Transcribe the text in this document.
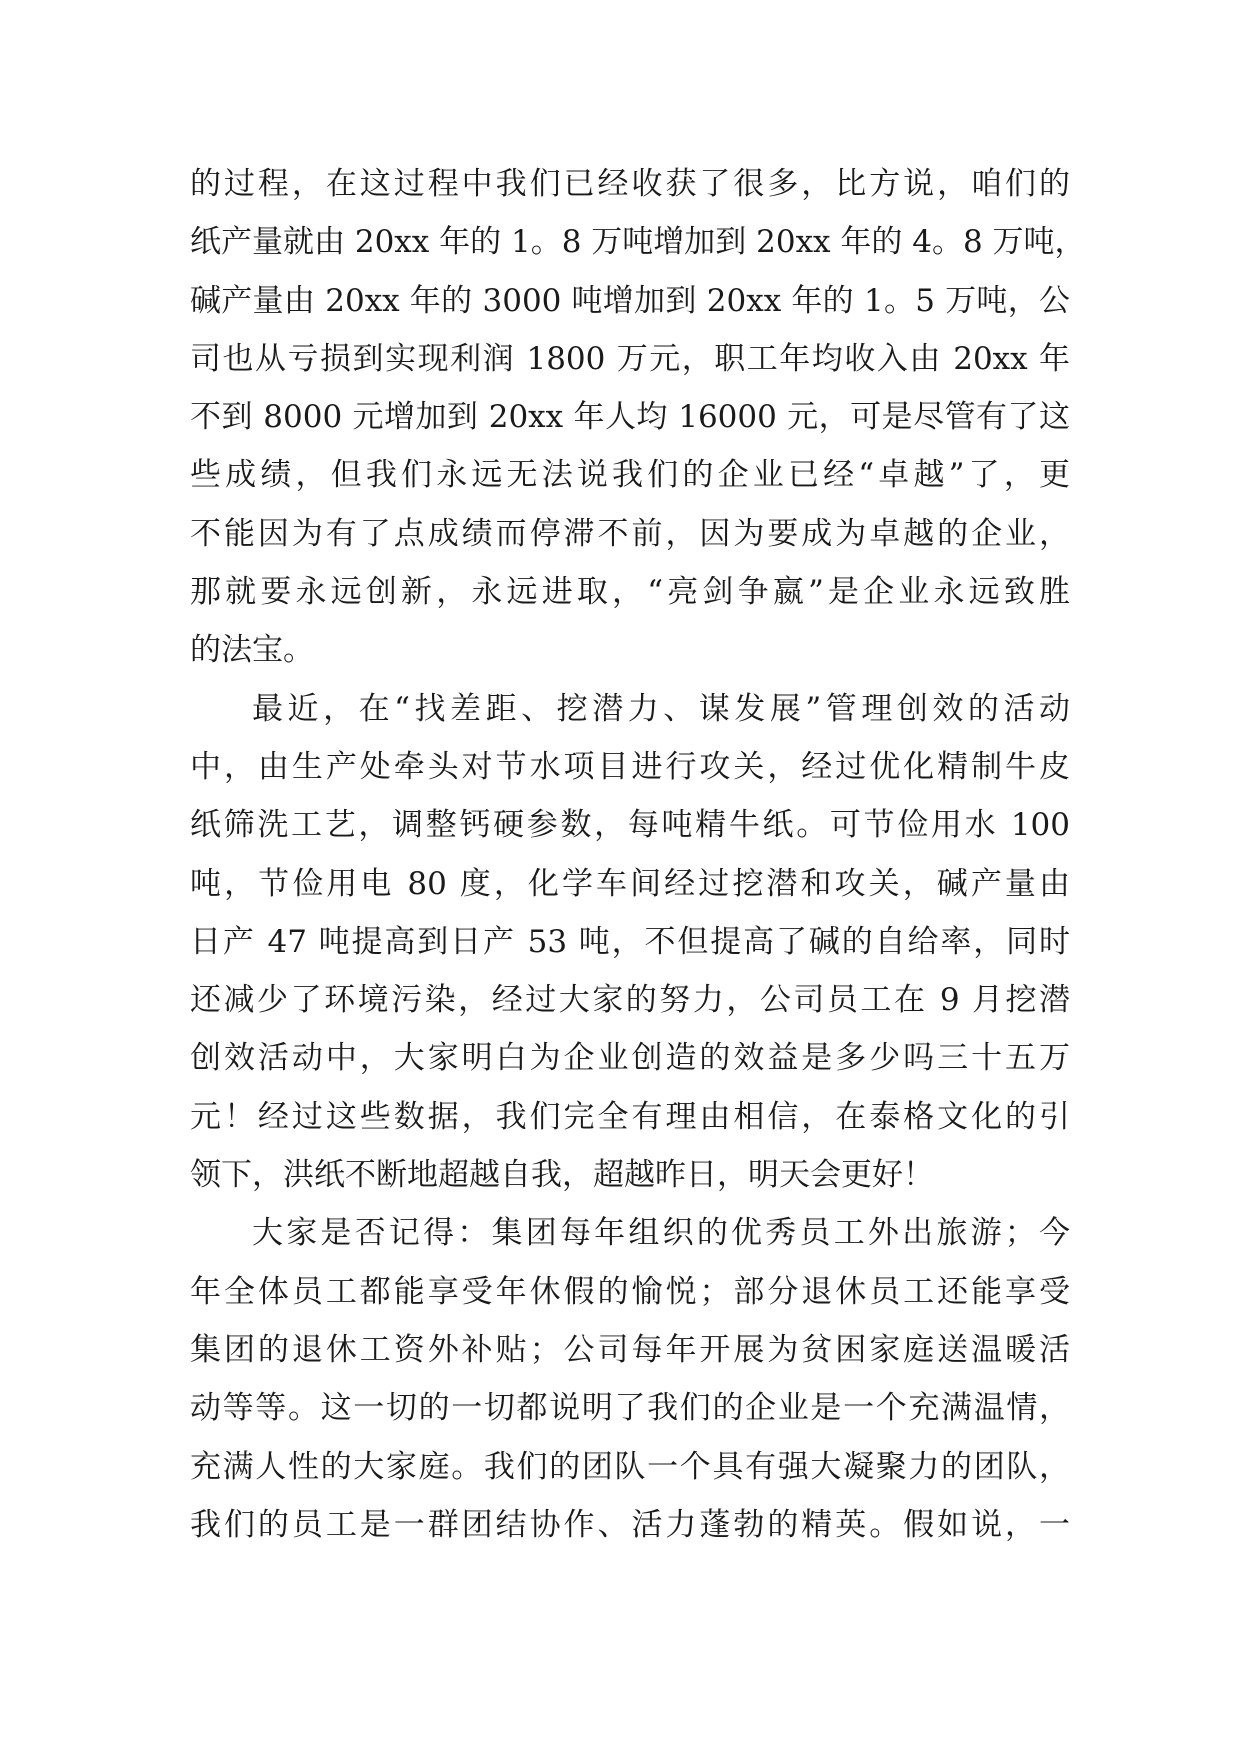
的过程，在这过程中我们已经收获了很多，比方说，咱们的
纸产量就由 20xx 年的 1。8 万吨增加到 20xx 年的 4。8 万吨，
碱产量由 20xx 年的 3000 吨增加到 20xx 年的 1。5 万吨，公
司也从亏损到实现利润 1800 万元，职工年均收入由 20xx 年
不到 8000 元增加到 20xx 年人均 16000 元，可是尽管有了这
些成绩，但我们永远无法说我们的企业已经“卓越”了，更
不能因为有了点成绩而停滞不前，因为要成为卓越的企业，
那就要永远创新，永远进取，“亮剑争嬴”是企业永远致胜
的法宝。
最近，在“找差距、挖潜力、谋发展”管理创效的活动
中，由生产处牵头对节水项目进行攻关，经过优化精制牛皮
纸筛洗工艺，调整钙硬参数，每吨精牛纸。可节俭用水 100
吨，节俭用电 80 度，化学车间经过挖潜和攻关，碱产量由
日产 47 吨提高到日产 53 吨，不但提高了碱的自给率，同时
还减少了环境污染，经过大家的努力，公司员工在 9 月挖潜
创效活动中，大家明白为企业创造的效益是多少吗三十五万
元！经过这些数据，我们完全有理由相信，在泰格文化的引
领下，洪纸不断地超越自我，超越昨日，明天会更好！
大家是否记得：集团每年组织的优秀员工外出旅游；今
年全体员工都能享受年休假的愉悦；部分退休员工还能享受
集团的退休工资外补贴；公司每年开展为贫困家庭送温暖活
动等等。这一切的一切都说明了我们的企业是一个充满温情，
充满人性的大家庭。我们的团队一个具有强大凝聚力的团队，
我们的员工是一群团结协作、活力蓬勃的精英。假如说，一
